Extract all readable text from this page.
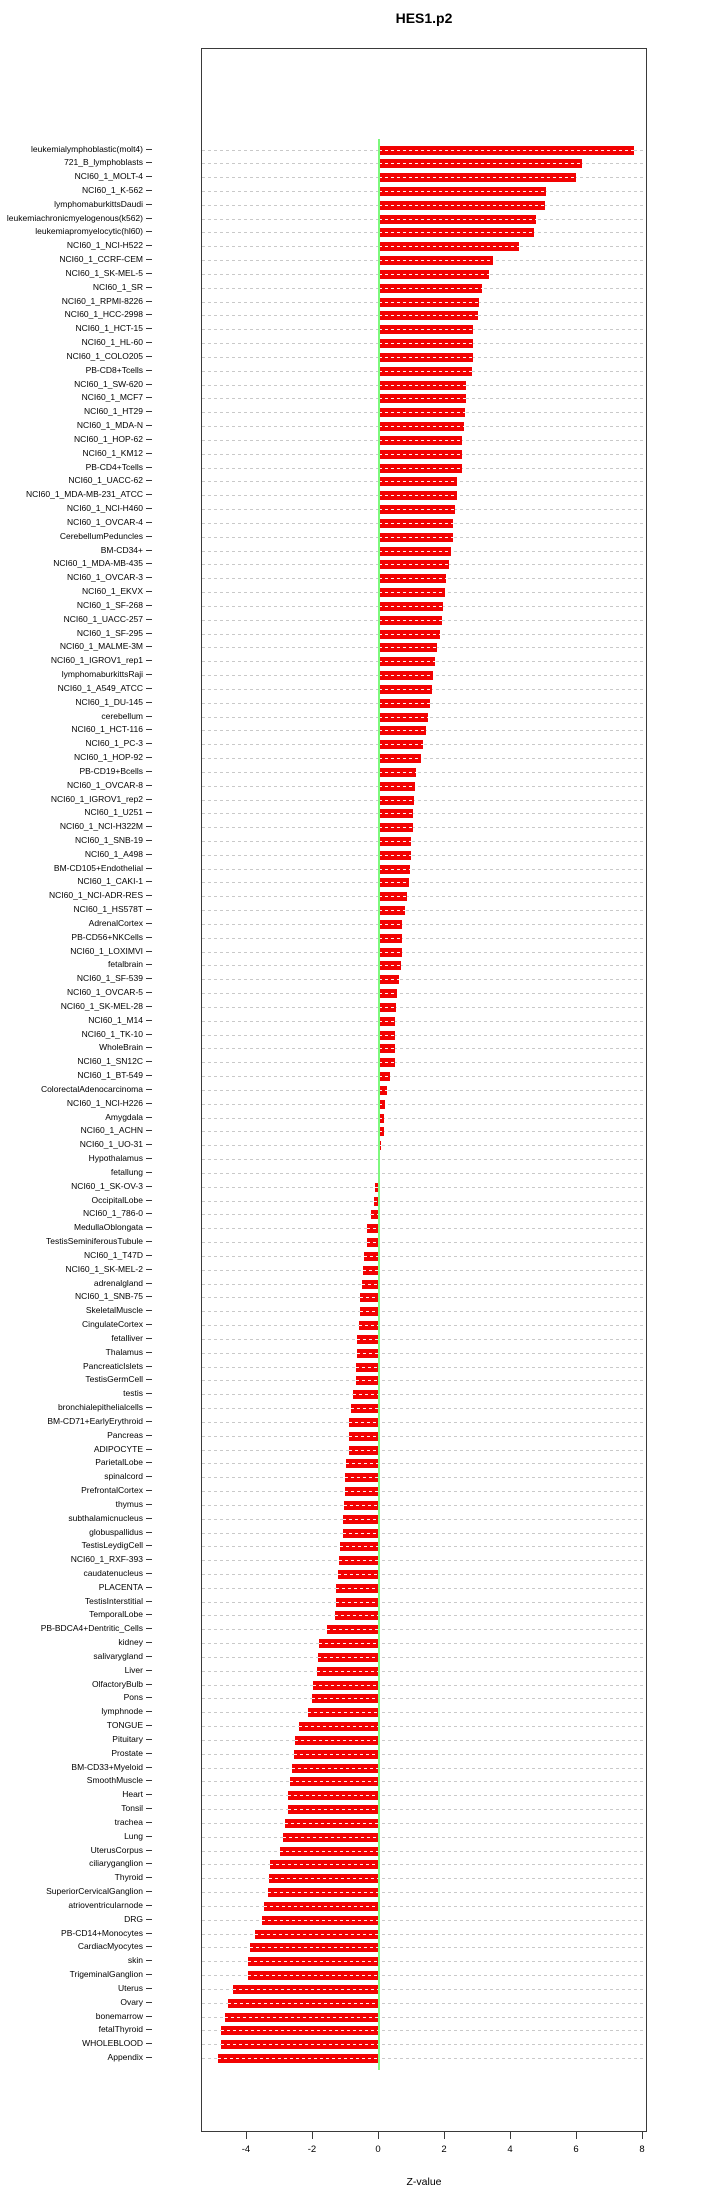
HES1.p2
leukemialymphoblastic(molt4)
721_B_lymphoblasts
NCI60_1_MOLT-4
NCI60_1_K-562
lymphomaburkittsDaudi
leukemiachronicmyelogenous(k562)
leukemiapromyelocytic(hl60)
NCI60_1_NCI-H522
NCI60_1_CCRF-CEM
NCI60_1_SK-MEL-5
NCI60_1_SR
NCI60_1_RPMI-8226
NCI60_1_HCC-2998
NCI60_1_HCT-15
NCI60_1_HL-60
NCI60_1_COLO205
PB-CD8+Tcells
NCI60_1_SW-620
NCI60_1_MCF7
NCI60_1_HT29
NCI60_1_MDA-N
NCI60_1_HOP-62
NCI60_1_KM12
PB-CD4+Tcells
NCI60_1_UACC-62
NCI60_1_MDA-MB-231_ATCC
NCI60_1_NCI-H460
NCI60_1_OVCAR-4
CerebellumPeduncles
BM-CD34+
NCI60_1_MDA-MB-435
NCI60_1_OVCAR-3
NCI60_1_EKVX
NCI60_1_SF-268
NCI60_1_UACC-257
NCI60_1_SF-295
NCI60_1_MALME-3M
NCI60_1_IGROV1_rep1
lymphomaburkittsRaji
NCI60_1_A549_ATCC
NCI60_1_DU-145
cerebellum
NCI60_1_HCT-116
NCI60_1_PC-3
NCI60_1_HOP-92
PB-CD19+Bcells
NCI60_1_OVCAR-8
NCI60_1_IGROV1_rep2
NCI60_1_U251
NCI60_1_NCI-H322M
NCI60_1_SNB-19
NCI60_1_A498
BM-CD105+Endothelial
NCI60_1_CAKI-1
NCI60_1_NCI-ADR-RES
NCI60_1_HS578T
AdrenalCortex
PB-CD56+NKCells
NCI60_1_LOXIMVI
fetalbrain
NCI60_1_SF-539
NCI60_1_OVCAR-5
NCI60_1_SK-MEL-28
NCI60_1_M14
NCI60_1_TK-10
WholeBrain
NCI60_1_SN12C
NCI60_1_BT-549
ColorectalAdenocarcinoma
NCI60_1_NCI-H226
Amygdala
NCI60_1_ACHN
NCI60_1_UO-31
Hypothalamus
fetallung
NCI60_1_SK-OV-3
OccipitalLobe
NCI60_1_786-0
MedullaOblongata
TestisSeminiferousTubule
NCI60_1_T47D
NCI60_1_SK-MEL-2
adrenalgland
NCI60_1_SNB-75
SkeletalMuscle
CingulateCortex
fetalliver
Thalamus
PancreaticIslets
TestisGermCell
testis
bronchialepithelialcells
BM-CD71+EarlyErythroid
Pancreas
ADIPOCYTE
ParietalLobe
spinalcord
PrefrontalCortex
thymus
subthalamicnucleus
globuspallidus
TestisLeydigCell
NCI60_1_RXF-393
caudatenucleus
PLACENTA
TestisInterstitial
TemporalLobe
PB-BDCA4+Dentritic_Cells
kidney
salivarygland
Liver
OlfactoryBulb
Pons
lymphnode
TONGUE
Pituitary
Prostate
BM-CD33+Myeloid
SmoothMuscle
Heart
Tonsil
trachea
Lung
UterusCorpus
ciliaryganglion
Thyroid
SuperiorCervicalGanglion
atrioventricularnode
DRG
PB-CD14+Monocytes
CardiacMyocytes
skin
TrigeminalGanglion
Uterus
Ovary
bonemarrow
fetalThyroid
WHOLEBLOOD
Appendix
-4	-2	0	2	4	6	8
Z-value
